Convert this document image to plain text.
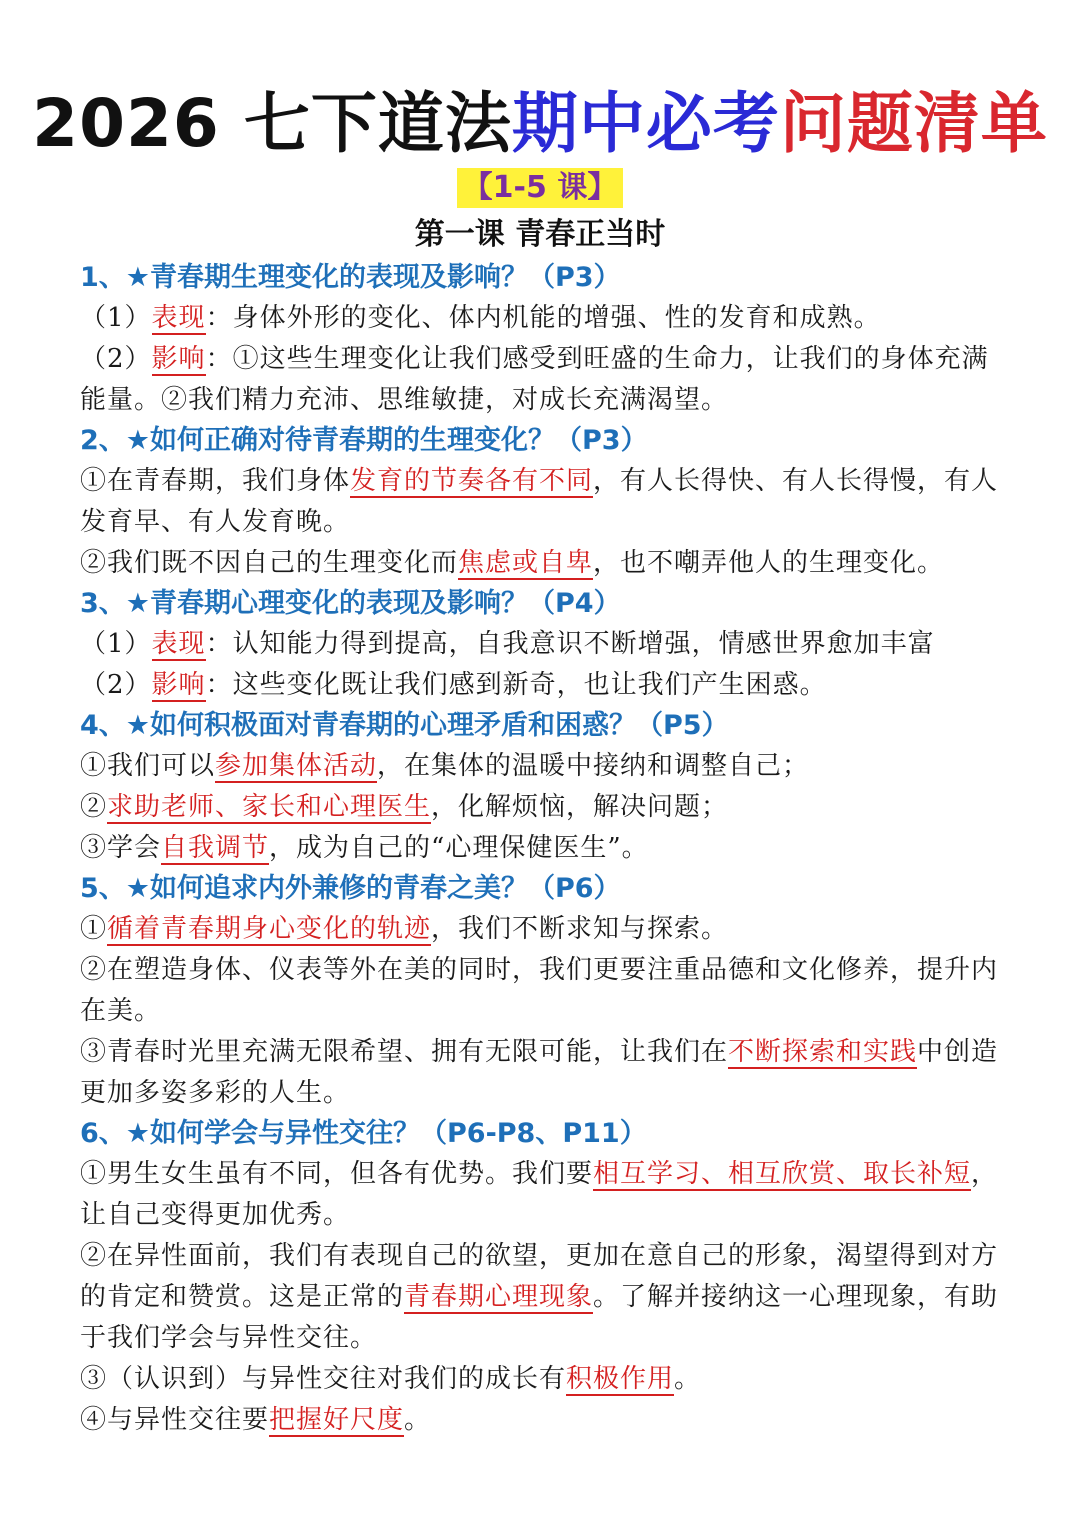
2026 七下道法期中必考问题清单
【1-5 课】
第一课 青春正当时
1、★青春期生理变化的表现及影响？（P3）
（1）表现：身体外形的变化、体内机能的增强、性的发育和成熟。
（2）影响：①这些生理变化让我们感受到旺盛的生命力，让我们的身体充满能量。②我们精力充沛、思维敏捷，对成长充满渴望。
2、★如何正确对待青春期的生理变化？（P3）
①在青春期，我们身体发育的节奏各有不同，有人长得快、有人长得慢，有人发育早、有人发育晚。
②我们既不因自己的生理变化而焦虑或自卑，也不嘲弄他人的生理变化。
3、★青春期心理变化的表现及影响？（P4）
（1）表现：认知能力得到提高，自我意识不断增强，情感世界愈加丰富
（2）影响：这些变化既让我们感到新奇，也让我们产生困惑。
4、★如何积极面对青春期的心理矛盾和困惑？（P5）
①我们可以参加集体活动，在集体的温暖中接纳和调整自己；
②求助老师、家长和心理医生，化解烦恼，解决问题；
③学会自我调节，成为自己的“心理保健医生”。
5、★如何追求内外兼修的青春之美？（P6）
①循着青春期身心变化的轨迹，我们不断求知与探索。
②在塑造身体、仪表等外在美的同时，我们更要注重品德和文化修养，提升内在美。
③青春时光里充满无限希望、拥有无限可能，让我们在不断探索和实践中创造更加多姿多彩的人生。
6、★如何学会与异性交往？（P6-P8、P11）
①男生女生虽有不同，但各有优势。我们要相互学习、相互欣赏、取长补短，让自己变得更加优秀。
②在异性面前，我们有表现自己的欲望，更加在意自己的形象，渴望得到对方的肯定和赞赏。这是正常的青春期心理现象。了解并接纳这一心理现象，有助于我们学会与异性交往。
③（认识到）与异性交往对我们的成长有积极作用。
④与异性交往要把握好尺度。
